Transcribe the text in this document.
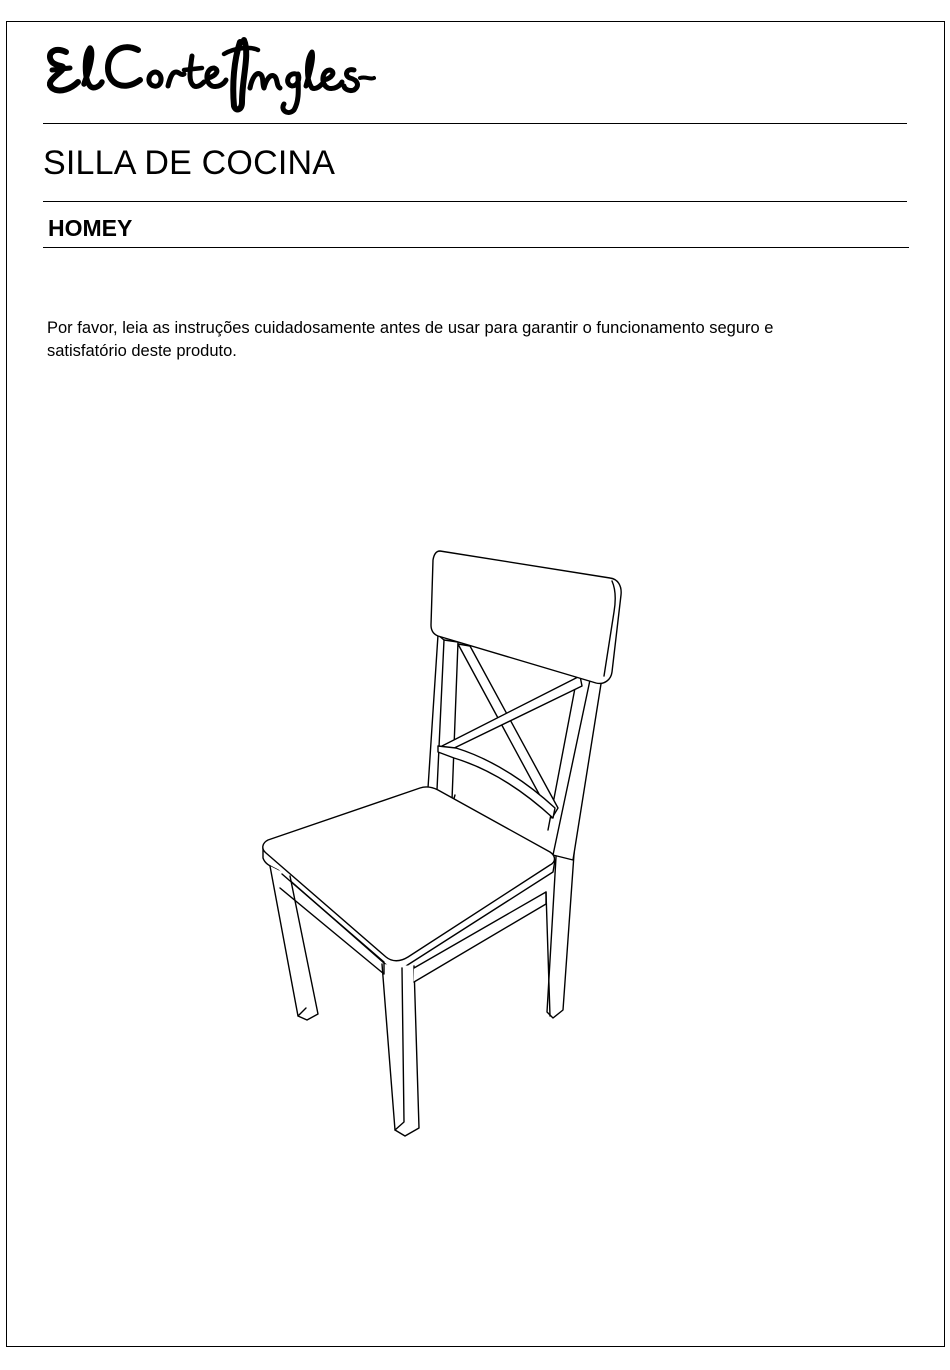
SILLA DE COCINA
HOMEY

Por favor, leia as instruções cuidadosamente antes de usar para garantir o funcionamento seguro e satisfatório deste produto.
